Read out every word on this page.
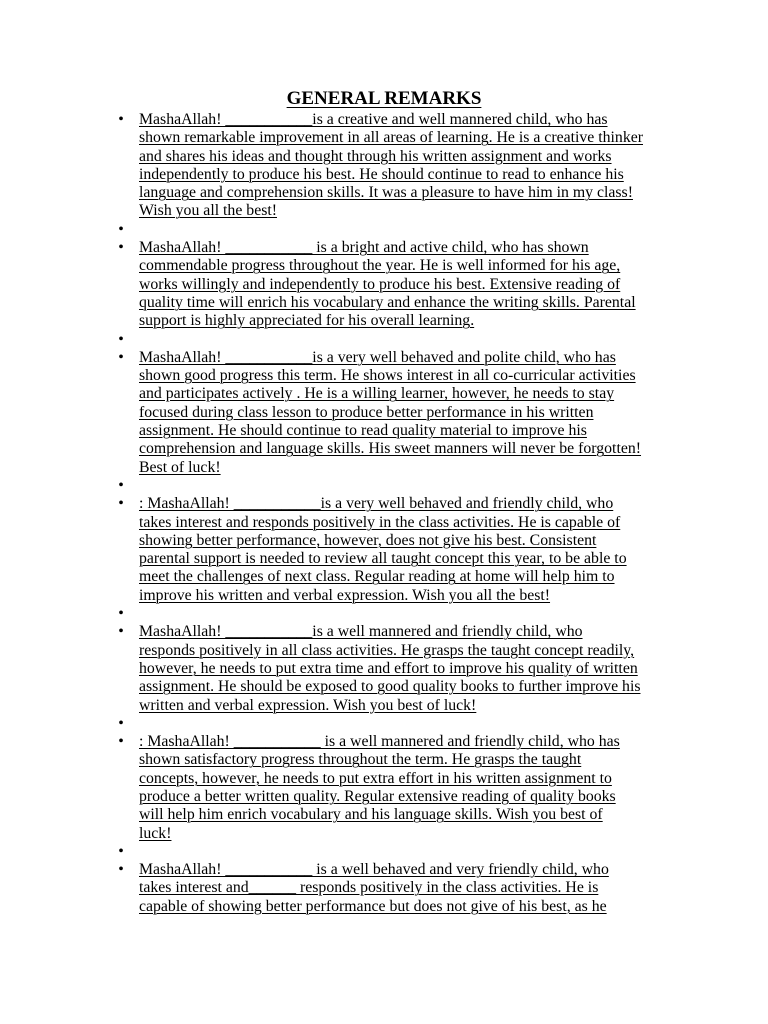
GENERAL REMARKS
• MashaAllah! ___________is a creative and well mannered child, who has
shown remarkable improvement in all areas of learning. He is a creative thinker
and shares his ideas and thought through his written assignment and works
independently to produce his best. He should continue to read to enhance his
language and comprehension skills. It was a pleasure to have him in my class!
Wish you all the best!
•
• MashaAllah! ___________ is a bright and active child, who has shown
commendable progress throughout the year. He is well informed for his age,
works willingly and independently to produce his best. Extensive reading of
quality time will enrich his vocabulary and enhance the writing skills. Parental
support is highly appreciated for his overall learning.
•
• MashaAllah! ___________is a very well behaved and polite child, who has
shown good progress this term. He shows interest in all co-curricular activities
and participates actively . He is a willing learner, however, he needs to stay
focused during class lesson to produce better performance in his written
assignment. He should continue to read quality material to improve his
comprehension and language skills. His sweet manners will never be forgotten!
Best of luck!
•
• : MashaAllah! ___________is a very well behaved and friendly child, who
takes interest and responds positively in the class activities. He is capable of
showing better performance, however, does not give his best. Consistent
parental support is needed to review all taught concept this year, to be able to
meet the challenges of next class. Regular reading at home will help him to
improve his written and verbal expression. Wish you all the best!
•
• MashaAllah! ___________is a well mannered and friendly child, who
responds positively in all class activities. He grasps the taught concept readily,
however, he needs to put extra time and effort to improve his quality of written
assignment. He should be exposed to good quality books to further improve his
written and verbal expression. Wish you best of luck!
•
• : MashaAllah! ___________ is a well mannered and friendly child, who has
shown satisfactory progress throughout the term. He grasps the taught
concepts, however, he needs to put extra effort in his written assignment to
produce a better written quality. Regular extensive reading of quality books
will help him enrich vocabulary and his language skills. Wish you best of
luck!
•
• MashaAllah! ___________ is a well behaved and very friendly child, who
takes interest and______ responds positively in the class activities. He is
capable of showing better performance but does not give of his best, as he
